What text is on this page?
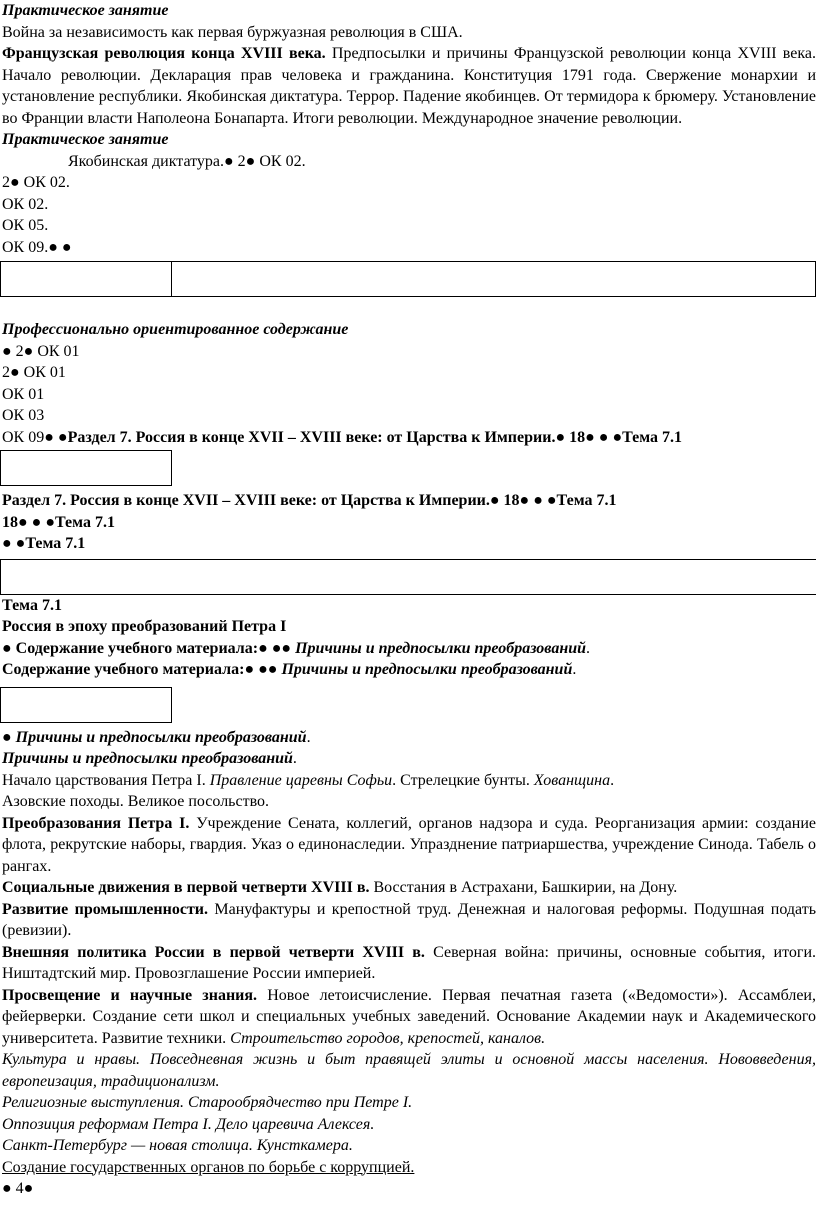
Практическое занятие

Война за независимость как первая буржуазная революция в США.

Французская революция конца XVIII века. Предпосылки и причины Французской революции конца XVIII века. Начало революции. Декларация прав человека и гражданина. Конституция 1791 года. Свержение монархии и установление республики. Якобинская диктатура. Террор. Падение якобинцев. От термидора к брюмеру. Установление во Франции власти Наполеона Бонапарта. Итоги революции. Международное значение революции.

Практическое занятие

Якобинская диктатура.● 2● ОК 02.

2● ОК 02.

ОК 02.

ОК 05.

ОК 09.● ●

Профессионально ориентированное содержание

● 2● ОК 01

2● ОК 01

ОК 01

ОК 03

ОК 09● ●Раздел 7. Россия в конце XVII – XVIII веке: от Царства к Империи.● 18● ● ●Тема 7.1

Раздел 7. Россия в конце XVII – XVIII веке: от Царства к Империи.● 18● ● ●Тема 7.1

18● ● ●Тема 7.1

● ●Тема 7.1

Тема 7.1

Россия в эпоху преобразований Петра I

● Содержание учебного материала:● ●● Причины и предпосылки преобразований.

Содержание учебного материала:● ●● Причины и предпосылки преобразований.

● Причины и предпосылки преобразований.

Причины и предпосылки преобразований.

Начало царствования Петра I. Правление царевны Софьи. Стрелецкие бунты. Хованщина.

Азовские походы. Великое посольство.

Преобразования Петра I. Учреждение Сената, коллегий, органов надзора и суда. Реорганизация армии: создание флота, рекрутские наборы, гвардия. Указ о единонаследии. Упразднение патриаршества, учреждение Синода. Табель о рангах.

Социальные движения в первой четверти XVIII в. Восстания в Астрахани, Башкирии, на Дону.

Развитие промышленности. Мануфактуры и крепостной труд. Денежная и налоговая реформы. Подушная подать (ревизии).

Внешняя политика России в первой четверти XVIII в. Северная война: причины, основные события, итоги. Ништадтский мир. Провозглашение России империей.

Просвещение и научные знания. Новое летоисчисление. Первая печатная газета («Ведомости»). Ассамблеи, фейерверки. Создание сети школ и специальных учебных заведений. Основание Академии наук и Академического университета. Развитие техники. Строительство городов, крепостей, каналов.

Культура и нравы. Повседневная жизнь и быт правящей элиты и основной массы населения. Нововведения, европеизация, традиционализм.

Религиозные выступления. Старообрядчество при Петре I.

Оппозиция реформам Петра I. Дело царевича Алексея.

Санкт-Петербург — новая столица. Кунсткамера.

Создание государственных органов по борьбе с коррупцией.

● 4●
